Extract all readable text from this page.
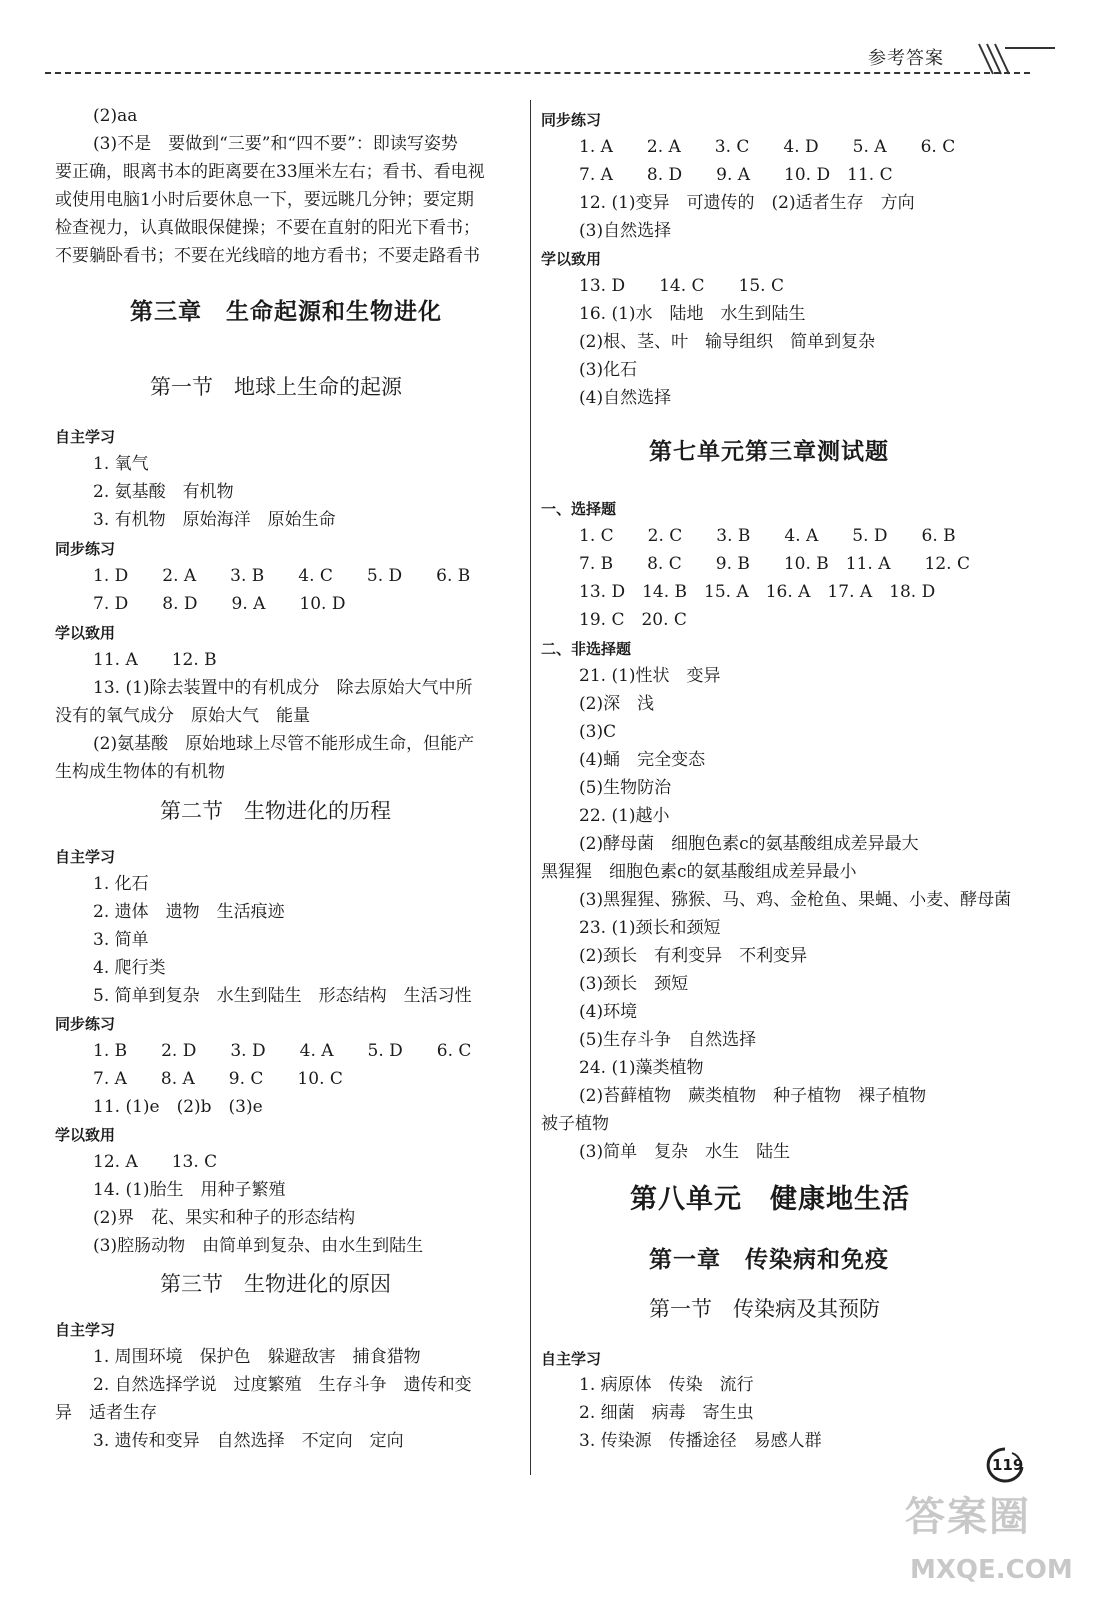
参考答案
(2)aa
(3)不是　要做到“三要”和“四不要”：即读写姿势
要正确，眼离书本的距离要在33厘米左右；看书、看电视
或使用电脑1小时后要休息一下，要远眺几分钟；要定期
检查视力，认真做眼保健操；不要在直射的阳光下看书；
不要躺卧看书；不要在光线暗的地方看书；不要走路看书
第三章　生命起源和生物进化
第一节　地球上生命的起源
自主学习
1. 氧气
2. 氨基酸　有机物
3. 有机物　原始海洋　原始生命
同步练习
1. D　　2. A　　3. B　　4. C　　5. D　　6. B
7. D　　8. D　　9. A　　10. D
学以致用
11. A　　12. B
13. (1)除去装置中的有机成分　除去原始大气中所
没有的氧气成分　原始大气　能量
(2)氨基酸　原始地球上尽管不能形成生命，但能产
生构成生物体的有机物
第二节　生物进化的历程
自主学习
1. 化石
2. 遗体　遗物　生活痕迹
3. 简单
4. 爬行类
5. 简单到复杂　水生到陆生　形态结构　生活习性
同步练习
1. B　　2. D　　3. D　　4. A　　5. D　　6. C
7. A　　8. A　　9. C　　10. C
11. (1)e　(2)b　(3)e
学以致用
12. A　　13. C
14. (1)胎生　用种子繁殖
(2)界　花、果实和种子的形态结构
(3)腔肠动物　由简单到复杂、由水生到陆生
第三节　生物进化的原因
自主学习
1. 周围环境　保护色　躲避敌害　捕食猎物
2. 自然选择学说　过度繁殖　生存斗争　遗传和变
异　适者生存
3. 遗传和变异　自然选择　不定向　定向
同步练习
1. A　　2. A　　3. C　　4. D　　5. A　　6. C
7. A　　8. D　　9. A　　10. D　11. C
12. (1)变异　可遗传的　(2)适者生存　方向
(3)自然选择
学以致用
13. D　　14. C　　15. C
16. (1)水　陆地　水生到陆生
(2)根、茎、叶　输导组织　简单到复杂
(3)化石
(4)自然选择
第七单元第三章测试题
一、选择题
1. C　　2. C　　3. B　　4. A　　5. D　　6. B
7. B　　8. C　　9. B　　10. B　11. A　　12. C
13. D　14. B　15. A　16. A　17. A　18. D
19. C　20. C
二、非选择题
21. (1)性状　变异
(2)深　浅
(3)C
(4)蛹　完全变态
(5)生物防治
22. (1)越小
(2)酵母菌　细胞色素c的氨基酸组成差异最大
黑猩猩　细胞色素c的氨基酸组成差异最小
(3)黑猩猩、猕猴、马、鸡、金枪鱼、果蝇、小麦、酵母菌
23. (1)颈长和颈短
(2)颈长　有利变异　不利变异
(3)颈长　颈短
(4)环境
(5)生存斗争　自然选择
24. (1)藻类植物
(2)苔藓植物　蕨类植物　种子植物　裸子植物
被子植物
(3)简单　复杂　水生　陆生
第八单元　健康地生活
第一章　传染病和免疫
第一节　传染病及其预防
自主学习
1. 病原体　传染　流行
2. 细菌　病毒　寄生虫
3. 传染源　传播途径　易感人群
119
答案圈
MXQE.COM
